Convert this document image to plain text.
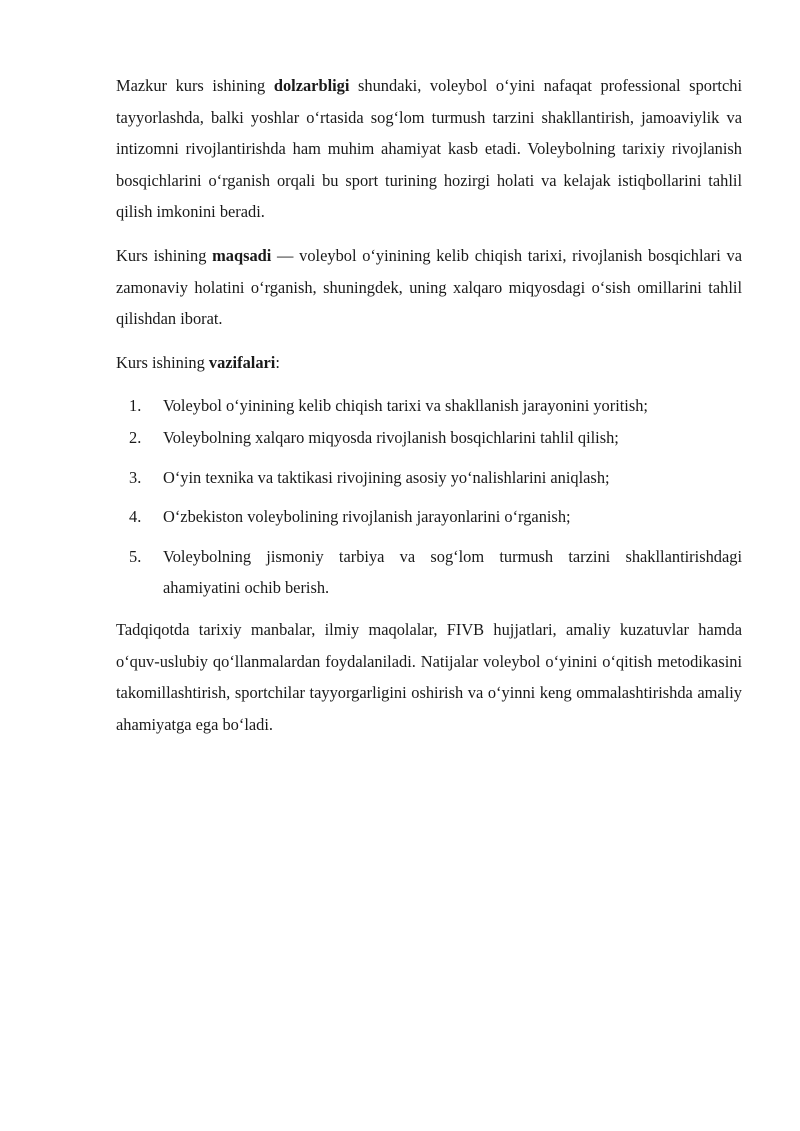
Mazkur kurs ishining dolzarbligi shundaki, voleybol o‘yini nafaqat professional sportchi tayyorlashda, balki yoshlar o‘rtasida sog‘lom turmush tarzini shakllantirish, jamoaviylik va intizomni rivojlantirishda ham muhim ahamiyat kasb etadi. Voleybolning tarixiy rivojlanish bosqichlarini o‘rganish orqali bu sport turining hozirgi holati va kelajak istiqbollarini tahlil qilish imkonini beradi.

Kurs ishining maqsadi — voleybol o‘yinining kelib chiqish tarixi, rivojlanish bosqichlari va zamonaviy holatini o‘rganish, shuningdek, uning xalqaro miqyosdagi o‘sish omillarini tahlil qilishdan iborat.

Kurs ishining vazifalari:

1. Voleybol o‘yinining kelib chiqish tarixi va shakllanish jarayonini yoritish;
2. Voleybolning xalqaro miqyosda rivojlanish bosqichlarini tahlil qilish;
3. O‘yin texnika va taktikasi rivojining asosiy yo‘nalishlarini aniqlash;
4. O‘zbekiston voleybolining rivojlanish jarayonlarini o‘rganish;
5. Voleybolning jismoniy tarbiya va sog‘lom turmush tarzini shakllantirishdagi ahamiyatini ochib berish.

Tadqiqotda tarixiy manbalar, ilmiy maqolalar, FIVB hujjatlari, amaliy kuzatuvlar hamda o‘quv-uslubiy qo‘llanmalardan foydalaniladi. Natijalar voleybol o‘yinini o‘qitish metodikasini takomillashtirish, sportchilar tayyorgarligini oshirish va o‘yinni keng ommalashtirishda amaliy ahamiyatga ega bo‘ladi.
